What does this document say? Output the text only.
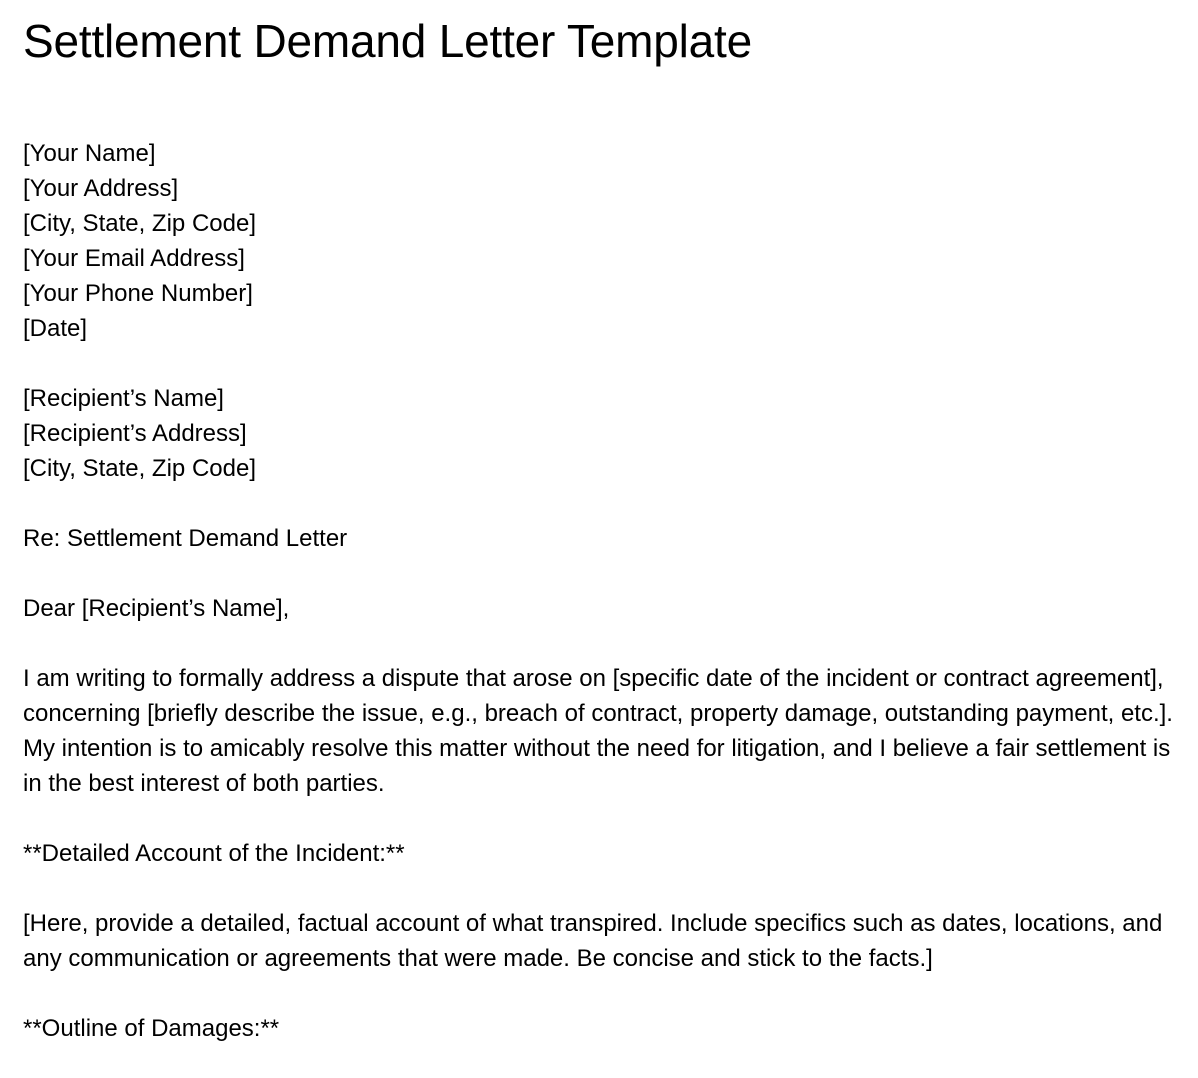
Settlement Demand Letter Template
[Your Name]
[Your Address]
[City, State, Zip Code]
[Your Email Address]
[Your Phone Number]
[Date]
[Recipient’s Name]
[Recipient’s Address]
[City, State, Zip Code]
Re: Settlement Demand Letter
Dear [Recipient’s Name],

I am writing to formally address a dispute that arose on [specific date of the incident or contract agreement], concerning [briefly describe the issue, e.g., breach of contract, property damage, outstanding payment, etc.]. My intention is to amicably resolve this matter without the need for litigation, and I believe a fair settlement is in the best interest of both parties.

**Detailed Account of the Incident:**

[Here, provide a detailed, factual account of what transpired. Include specifics such as dates, locations, and any communication or agreements that were made. Be concise and stick to the facts.]

**Outline of Damages:**
